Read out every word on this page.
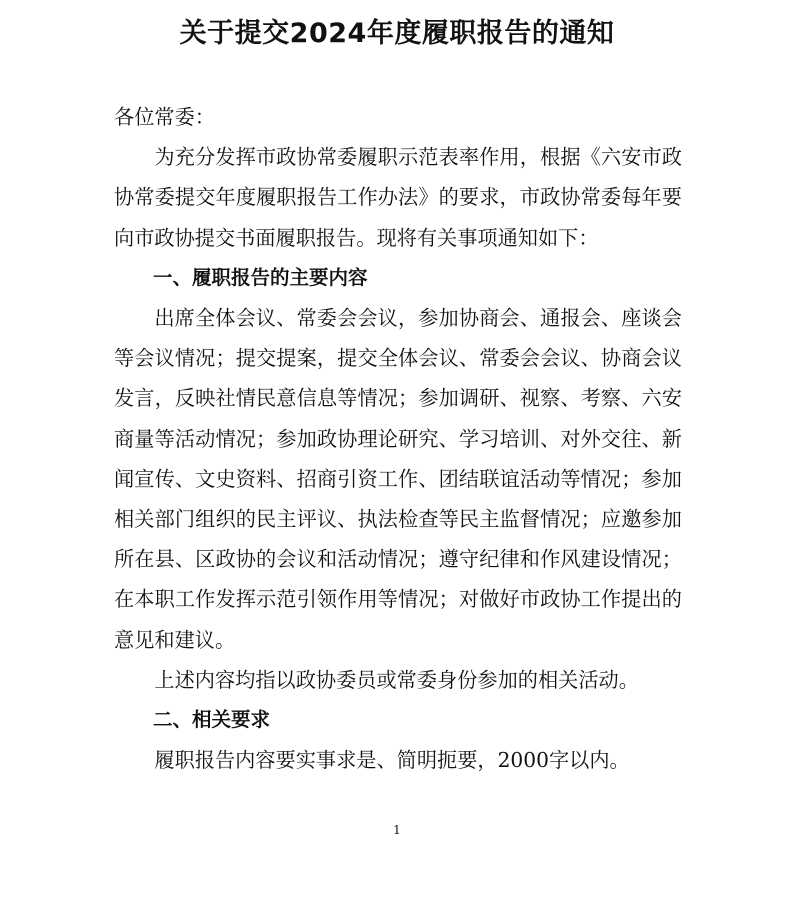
关于提交2024年度履职报告的通知

各位常委：

为充分发挥市政协常委履职示范表率作用，根据《六安市政协常委提交年度履职报告工作办法》的要求，市政协常委每年要向市政协提交书面履职报告。现将有关事项通知如下：

一、履职报告的主要内容

出席全体会议、常委会会议，参加协商会、通报会、座谈会等会议情况；提交提案，提交全体会议、常委会会议、协商会议发言，反映社情民意信息等情况；参加调研、视察、考察、六安商量等活动情况；参加政协理论研究、学习培训、对外交往、新闻宣传、文史资料、招商引资工作、团结联谊活动等情况；参加相关部门组织的民主评议、执法检查等民主监督情况；应邀参加所在县、区政协的会议和活动情况；遵守纪律和作风建设情况；在本职工作发挥示范引领作用等情况；对做好市政协工作提出的意见和建议。

上述内容均指以政协委员或常委身份参加的相关活动。

二、相关要求

履职报告内容要实事求是、简明扼要，2000字以内。

1
